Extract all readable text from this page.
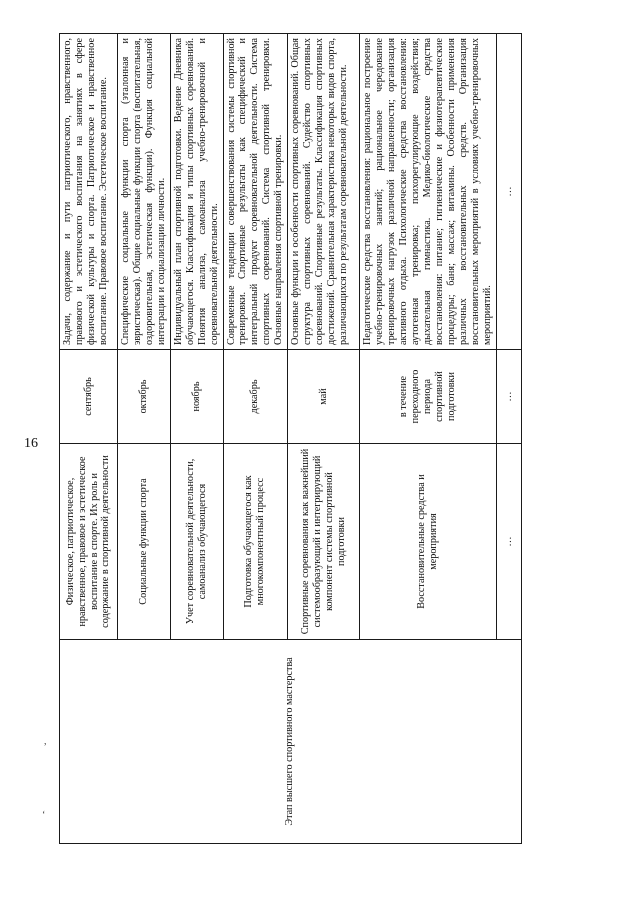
16
,
‘	Этап высшего спортивного мастерства	Физическое, патриотическое, нравственное, правовое и эстетическое воспитание в спорте. Их роль и содержание в спортивной деятельности	сентябрь	Задачи, содержание и пути патриотического, нравственного, правового и эстетического воспитания на занятиях в сфере физической культуры и спорта. Патриотическое и нравственное воспитание. Правовое воспитание. Эстетическое воспитание.
	Социальные функции спорта	октябрь	Специфические социальные функции спорта (эталонная и эвристическая). Общие социальные функции спорта (воспитательная, оздоровительная, эстетическая функции). Функция социальной интеграции и социализации личности.
	Учет соревновательной деятельности, самоанализ обучающегося	ноябрь	Индивидуальный план спортивной подготовки. Ведение Дневника обучающегося. Классификация и типы спортивных соревнований. Понятия анализа, самоанализа учебно-тренировочной и соревновательной деятельности.
	Подготовка обучающегося как многокомпонентный процесс	декабрь	Современные тенденции совершенствования системы спортивной тренировки. Спортивные результаты как специфический и интегральный продукт соревновательной деятельности. Система спортивных соревнований. Система спортивной тренировки. Основные направления спортивной тренировки.
	Спортивные соревнования как важнейший системообразующий и интегрирующий компонент системы спортивной подготовки	май	Основные функции и особенности спортивных соревнований. Общая структура спортивных соревнований. Судейство спортивных соревнований. Спортивные результаты. Классификация спортивных достижений. Сравнительная характеристика некоторых видов спорта, различающихся по результатам соревновательной деятельности.
	Восстановительные средства и мероприятия	в течение переходного периода спортивной подготовки	Педагогические средства восстановления: рациональное построение учебно-тренировочных занятий; рациональное чередование тренировочных нагрузок различной направленности; организация активного отдыха. Психологические средства восстановления: аутогенная тренировка; психорегулирующие воздействия; дыхательная гимнастика. Медико-биологические средства восстановления: питание; гигиенические и физиотерапевтические процедуры; баня; массаж; витамины. Особенности применения различных восстановительных средств. Организация восстановительных мероприятий в условиях учебно-тренировочных мероприятий.
	…	…	…
